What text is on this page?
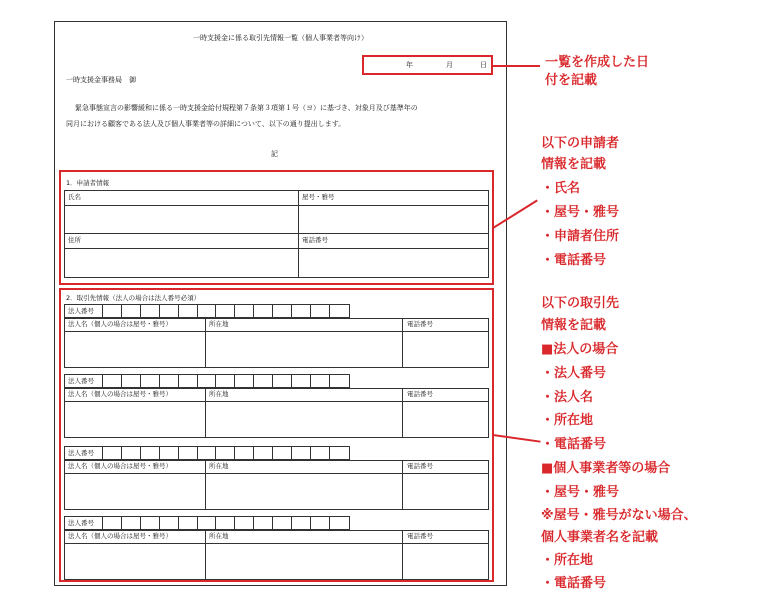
一時支援金に係る取引先情報一覧（個人事業者等向け）
年	月	日
一時支援金事務局　御
緊急事態宣言の影響緩和に係る一時支援金給付規程第７条第３項第１号（ヨ）に基づき、対象月及び基準年の
同月における顧客である法人及び個人事業者等の詳細について、以下の通り提出します。
記
1．申請者情報
氏名	屋号・雅号
住所	電話番号
2．取引先情報（法人の場合は法人番号必須）
法人番号
法人名（個人の場合は屋号・雅号）	所在地	電話番号
法人番号
法人名（個人の場合は屋号・雅号）	所在地	電話番号
法人番号
法人名（個人の場合は屋号・雅号）	所在地	電話番号
法人番号
法人名（個人の場合は屋号・雅号）	所在地	電話番号
一覧を作成した日
付を記載
以下の申請者
情報を記載
・氏名
・屋号・雅号
・申請者住所
・電話番号
以下の取引先
情報を記載
■法人の場合
・法人番号
・法人名
・所在地
・電話番号
■個人事業者等の場合
・屋号・雅号
※屋号・雅号がない場合、
個人事業者名を記載
・所在地
・電話番号
